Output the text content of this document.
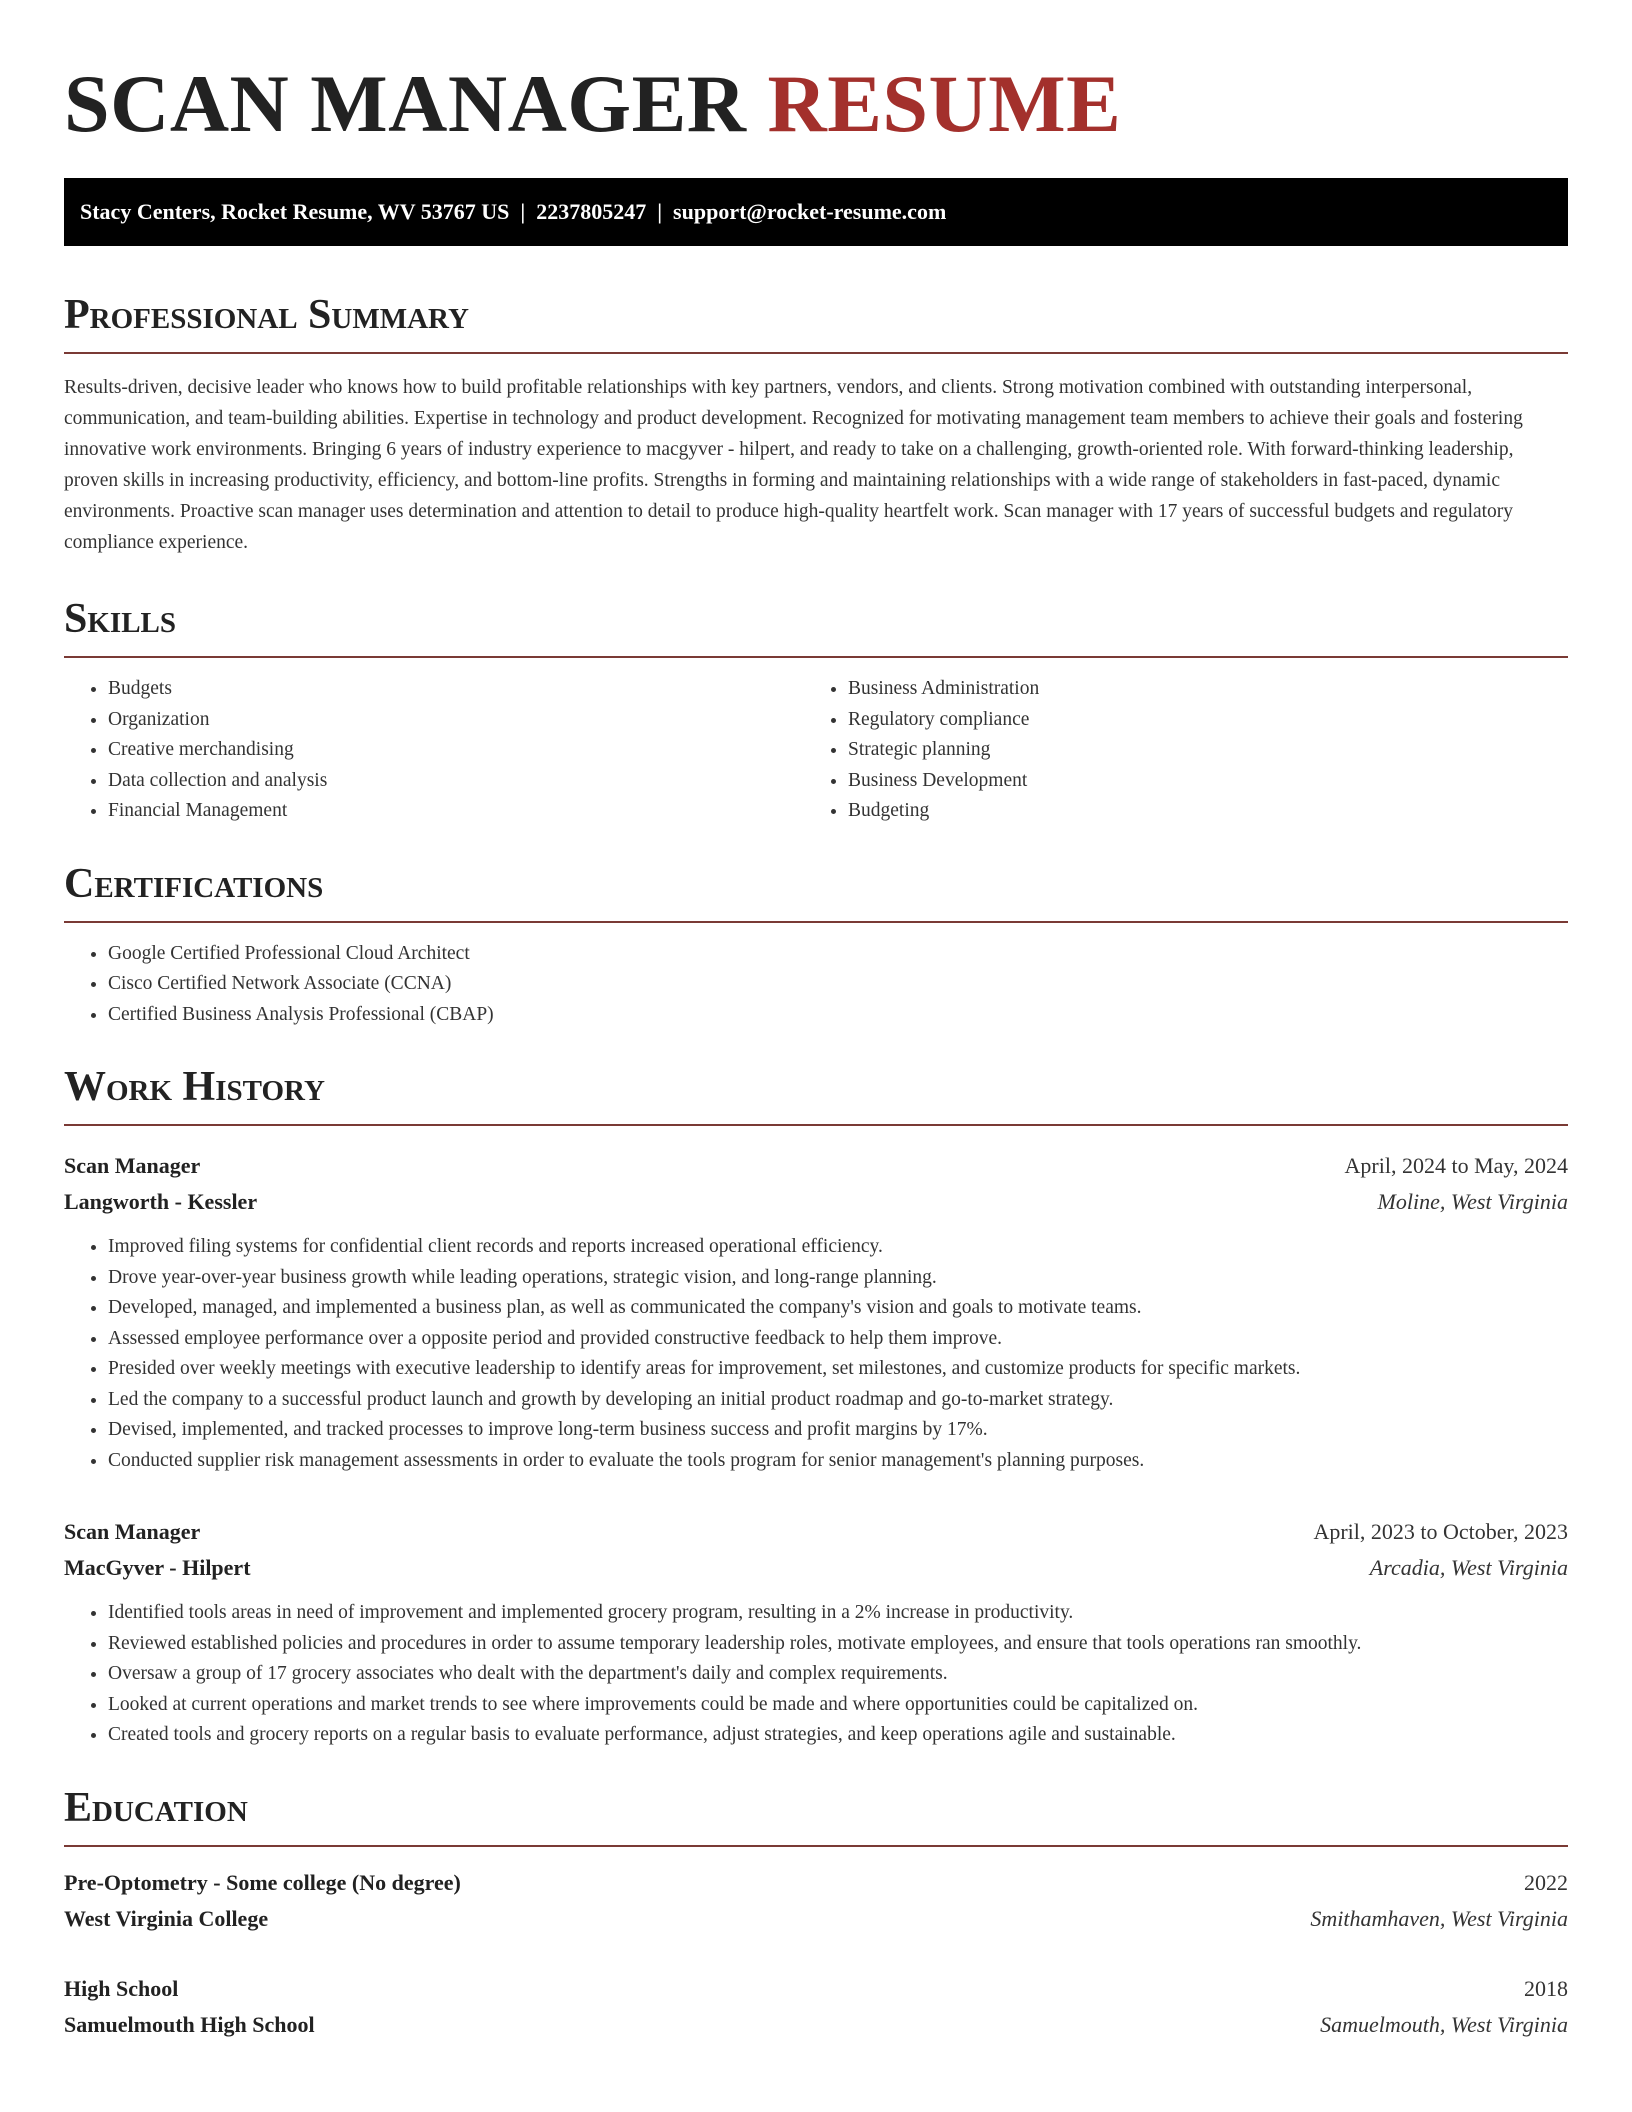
SCAN MANAGER RESUME
Stacy Centers, Rocket Resume, WV 53767 US  |  2237805247  |  support@rocket-resume.com
Professional Summary

Results-driven, decisive leader who knows how to build profitable relationships with key partners, vendors, and clients. Strong motivation combined with outstanding interpersonal, communication, and team-building abilities. Expertise in technology and product development. Recognized for motivating management team members to achieve their goals and fostering innovative work environments. Bringing 6 years of industry experience to macgyver - hilpert, and ready to take on a challenging, growth-oriented role. With forward-thinking leadership, proven skills in increasing productivity, efficiency, and bottom-line profits. Strengths in forming and maintaining relationships with a wide range of stakeholders in fast-paced, dynamic environments. Proactive scan manager uses determination and attention to detail to produce high-quality heartfelt work. Scan manager with 17 years of successful budgets and regulatory compliance experience.

Skills
• Budgets
• Organization
• Creative merchandising
• Data collection and analysis
• Financial Management
• Business Administration
• Regulatory compliance
• Strategic planning
• Business Development
• Budgeting
Certifications
• Google Certified Professional Cloud Architect
• Cisco Certified Network Associate (CCNA)
• Certified Business Analysis Professional (CBAP)
Work History
Scan Manager	April, 2024 to May, 2024
Langworth - Kessler	Moline, West Virginia
• Improved filing systems for confidential client records and reports increased operational efficiency.
• Drove year-over-year business growth while leading operations, strategic vision, and long-range planning.
• Developed, managed, and implemented a business plan, as well as communicated the company's vision and goals to motivate teams.
• Assessed employee performance over a opposite period and provided constructive feedback to help them improve.
• Presided over weekly meetings with executive leadership to identify areas for improvement, set milestones, and customize products for specific markets.
• Led the company to a successful product launch and growth by developing an initial product roadmap and go-to-market strategy.
• Devised, implemented, and tracked processes to improve long-term business success and profit margins by 17%.
• Conducted supplier risk management assessments in order to evaluate the tools program for senior management's planning purposes.
Scan Manager	April, 2023 to October, 2023
MacGyver - Hilpert	Arcadia, West Virginia
• Identified tools areas in need of improvement and implemented grocery program, resulting in a 2% increase in productivity.
• Reviewed established policies and procedures in order to assume temporary leadership roles, motivate employees, and ensure that tools operations ran smoothly.
• Oversaw a group of 17 grocery associates who dealt with the department's daily and complex requirements.
• Looked at current operations and market trends to see where improvements could be made and where opportunities could be capitalized on.
• Created tools and grocery reports on a regular basis to evaluate performance, adjust strategies, and keep operations agile and sustainable.
Education
Pre-Optometry - Some college (No degree)	2022
West Virginia College	Smithamhaven, West Virginia
High School	2018
Samuelmouth High School	Samuelmouth, West Virginia
